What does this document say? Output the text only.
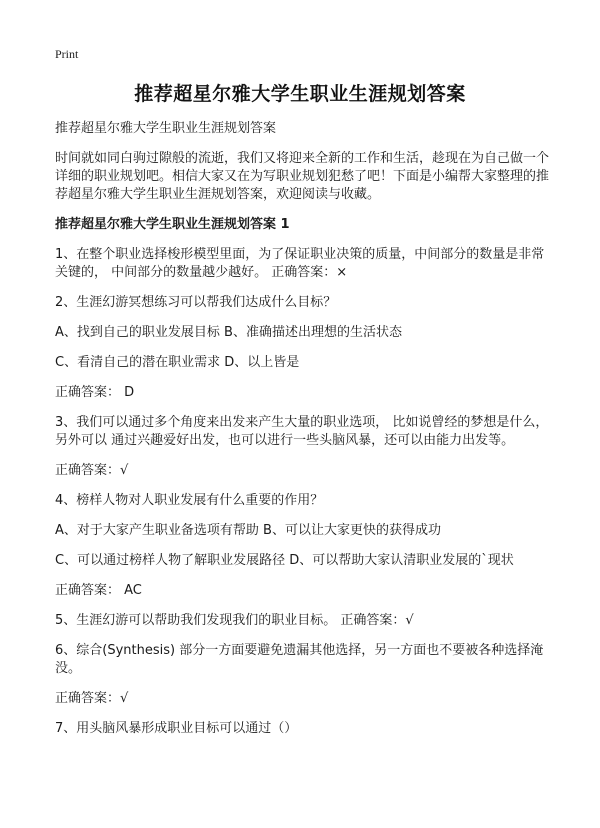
Print
推荐超星尔雅大学生职业生涯规划答案

推荐超星尔雅大学生职业生涯规划答案

时间就如同白驹过隙般的流逝，我们又将迎来全新的工作和生活，趁现在为自己做一个详细的职业规划吧。相信大家又在为写职业规划犯愁了吧！下面是小编帮大家整理的推荐超星尔雅大学生职业生涯规划答案，欢迎阅读与收藏。

推荐超星尔雅大学生职业生涯规划答案 1

1、在整个职业选择梭形模型里面，为了保证职业决策的质量，中间部分的数量是非常关键的， 中间部分的数量越少越好。 正确答案：×

2、生涯幻游冥想练习可以帮我们达成什么目标？

A、找到自己的职业发展目标 B、准确描述出理想的生活状态

C、看清自己的潜在职业需求 D、以上皆是

正确答案： D

3、我们可以通过多个角度来出发来产生大量的职业选项， 比如说曾经的梦想是什么， 另外可以 通过兴趣爱好出发，也可以进行一些头脑风暴，还可以由能力出发等。

正确答案：√

4、榜样人物对人职业发展有什么重要的作用？

A、对于大家产生职业备选项有帮助 B、可以让大家更快的获得成功

C、可以通过榜样人物了解职业发展路径 D、可以帮助大家认清职业发展的`现状

正确答案： AC

5、生涯幻游可以帮助我们发现我们的职业目标。 正确答案：√

6、综合(Synthesis) 部分一方面要避免遗漏其他选择，另一方面也不要被各种选择淹没。

正确答案：√

7、用头脑风暴形成职业目标可以通过（）
